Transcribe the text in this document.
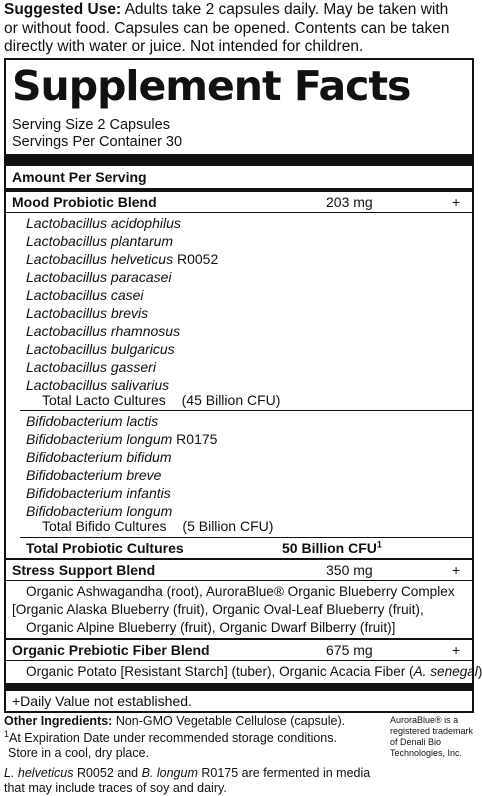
Suggested Use: Adults take 2 capsules daily. May be taken with
or without food. Capsules can be opened. Contents can be taken
directly with water or juice. Not intended for children.
Supplement Facts
Serving Size 2 Capsules
Servings Per Container 30
Amount Per Serving
Mood Probiotic Blend	203 mg	+
Lactobacillus acidophilus
Lactobacillus plantarum
Lactobacillus helveticus R0052
Lactobacillus paracasei
Lactobacillus casei
Lactobacillus brevis
Lactobacillus rhamnosus
Lactobacillus bulgaricus
Lactobacillus gasseri
Lactobacillus salivarius
Total Lacto Cultures (45 Billion CFU)
Bifidobacterium lactis
Bifidobacterium longum R0175
Bifidobacterium bifidum
Bifidobacterium breve
Bifidobacterium infantis
Bifidobacterium longum
Total Bifido Cultures (5 Billion CFU)
Total Probiotic Cultures	50 Billion CFU$^1$
Stress Support Blend	350 mg	+
Organic Ashwagandha (root), AuroraBlue® Organic Blueberry Complex
[Organic Alaska Blueberry (fruit), Organic Oval-Leaf Blueberry (fruit),
Organic Alpine Blueberry (fruit), Organic Dwarf Bilberry (fruit)]
Organic Prebiotic Fiber Blend	675 mg	+
Organic Potato [Resistant Starch] (tuber), Organic Acacia Fiber (A. senegal)
+Daily Value not established.
Other Ingredients: Non-GMO Vegetable Cellulose (capsule).
$^1$At Expiration Date under recommended storage conditions.
Store in a cool, dry place.
L. helveticus R0052 and B. longum R0175 are fermented in media
that may include traces of soy and dairy.
AuroraBlue® is a registered trademark of Denali Bio Technologies, Inc.
